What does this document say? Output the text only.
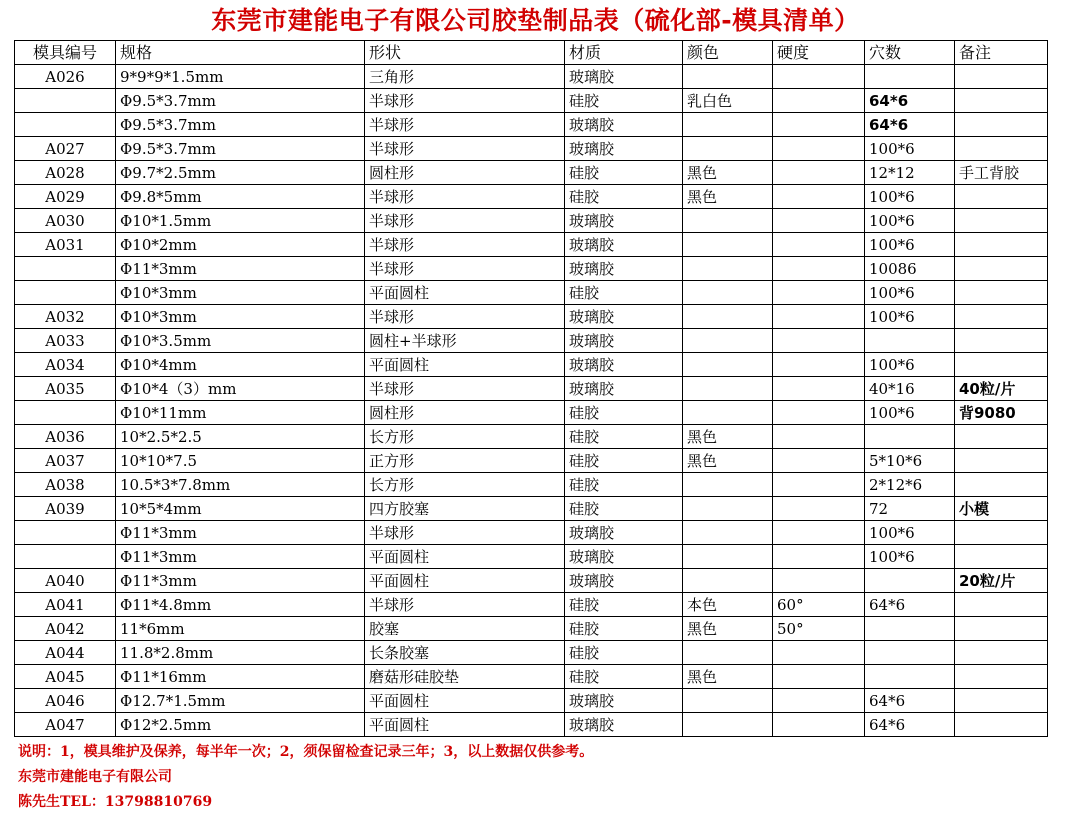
东莞市建能电子有限公司胶垫制品表（硫化部-模具清单）
模具编号	规格	形状	材质	颜色	硬度	穴数	备注
A026	9*9*9*1.5mm	三角形	玻璃胶				
	Φ9.5*3.7mm	半球形	硅胶	乳白色		64*6	
	Φ9.5*3.7mm	半球形	玻璃胶			64*6	
A027	Φ9.5*3.7mm	半球形	玻璃胶			100*6	
A028	Φ9.7*2.5mm	圆柱形	硅胶	黑色		12*12	手工背胶
A029	Φ9.8*5mm	半球形	硅胶	黑色		100*6	
A030	Φ10*1.5mm	半球形	玻璃胶			100*6	
A031	Φ10*2mm	半球形	玻璃胶			100*6	
	Φ11*3mm	半球形	玻璃胶			10086	
	Φ10*3mm	平面圆柱	硅胶			100*6	
A032	Φ10*3mm	半球形	玻璃胶			100*6	
A033	Φ10*3.5mm	圆柱+半球形	玻璃胶				
A034	Φ10*4mm	平面圆柱	玻璃胶			100*6	
A035	Φ10*4（3）mm	半球形	玻璃胶			40*16	40粒/片
	Φ10*11mm	圆柱形	硅胶			100*6	背9080
A036	10*2.5*2.5	长方形	硅胶	黑色			
A037	10*10*7.5	正方形	硅胶	黑色		5*10*6	
A038	10.5*3*7.8mm	长方形	硅胶			2*12*6	
A039	10*5*4mm	四方胶塞	硅胶			72	小模
	Φ11*3mm	半球形	玻璃胶			100*6	
	Φ11*3mm	平面圆柱	玻璃胶			100*6	
A040	Φ11*3mm	平面圆柱	玻璃胶				20粒/片
A041	Φ11*4.8mm	半球形	硅胶	本色	60°	64*6	
A042	11*6mm	胶塞	硅胶	黑色	50°		
A044	11.8*2.8mm	长条胶塞	硅胶				
A045	Φ11*16mm	磨菇形硅胶垫	硅胶	黑色			
A046	Φ12.7*1.5mm	平面圆柱	玻璃胶			64*6	
A047	Φ12*2.5mm	平面圆柱	玻璃胶			64*6	
说明：1，模具维护及保养，每半年一次；2，须保留检查记录三年；3，以上数据仅供参考。
东莞市建能电子有限公司
陈先生TEL：13798810769
